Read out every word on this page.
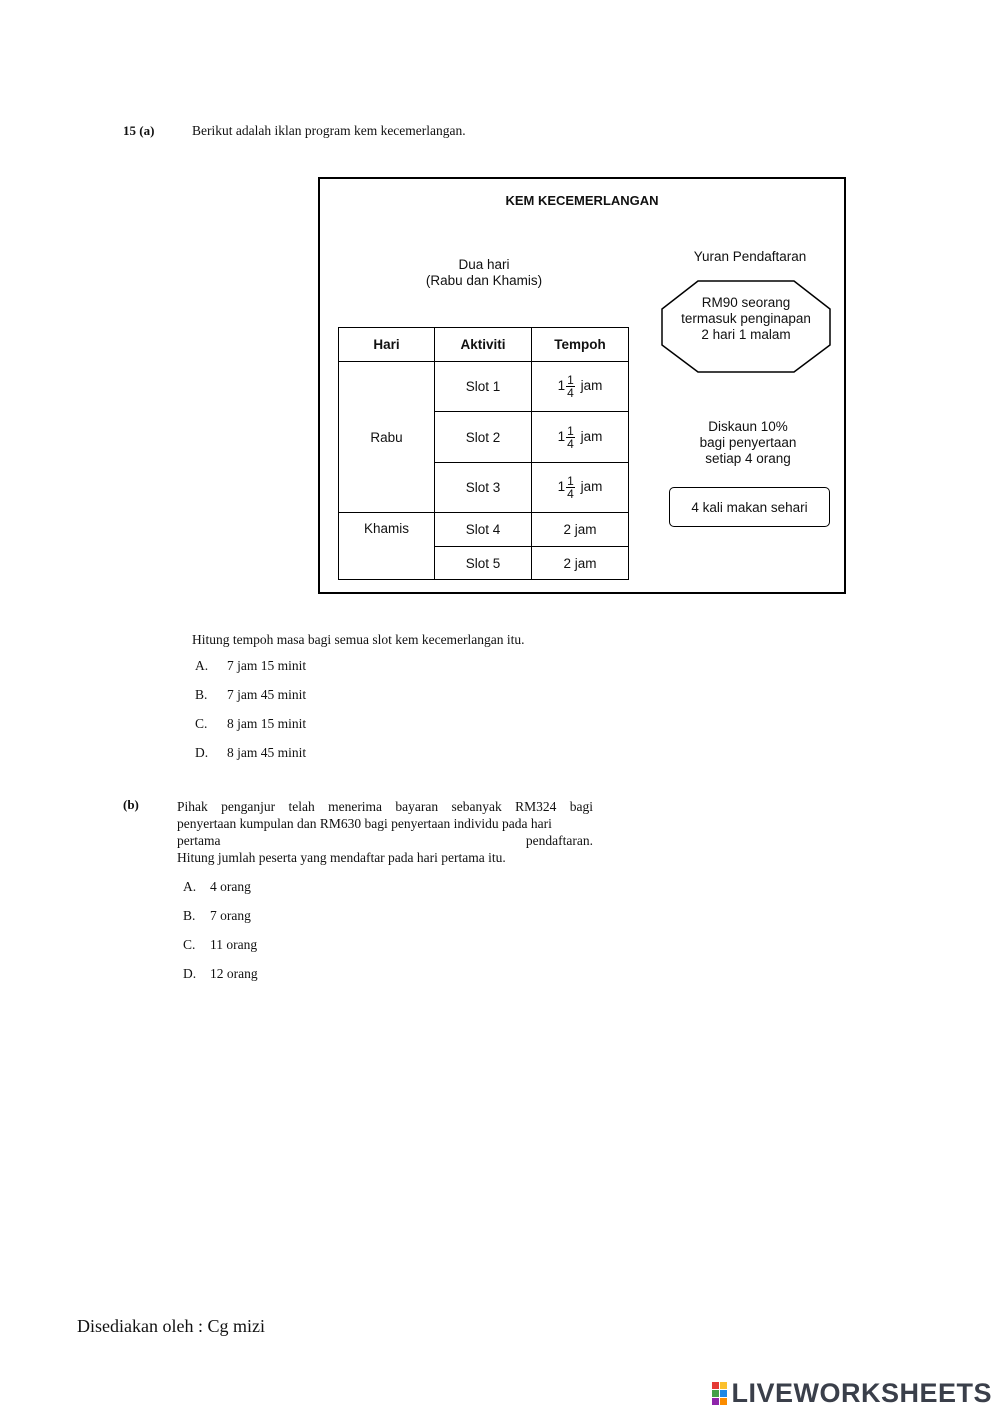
15 (a)	Berikut adalah iklan program kem kecemerlangan.
KEM KECEMERLANGAN
Dua hari
(Rabu dan Khamis)
Yuran Pendaftaran
RM90 seorang
termasuk penginapan
2 hari 1 malam
Diskaun 10%
bagi penyertaan
setiap 4 orang
4 kali makan sehari
Hari	Aktiviti	Tempoh
Rabu	Slot 1	$1 \frac{1}{4}$ jam
	Slot 2	$1 \frac{1}{4}$ jam
	Slot 3	$1 \frac{1}{4}$ jam
Khamis	Slot 4	2 jam
	Slot 5	2 jam
Hitung tempoh masa bagi semua slot kem kecemerlangan itu.
A. 7 jam 15 minit
B. 7 jam 45 minit
C. 8 jam 15 minit
D. 8 jam 45 minit
(b)	Pihak penganjur telah menerima bayaran sebanyak RM324 bagi
penyertaan kumpulan dan RM630 bagi penyertaan individu pada hari
pertama	pendaftaran.
Hitung jumlah peserta yang mendaftar pada hari pertama itu.
A. 4 orang
B. 7 orang
C. 11 orang
D. 12 orang
Disediakan oleh : Cg mizi
LIVEWORKSHEETS
